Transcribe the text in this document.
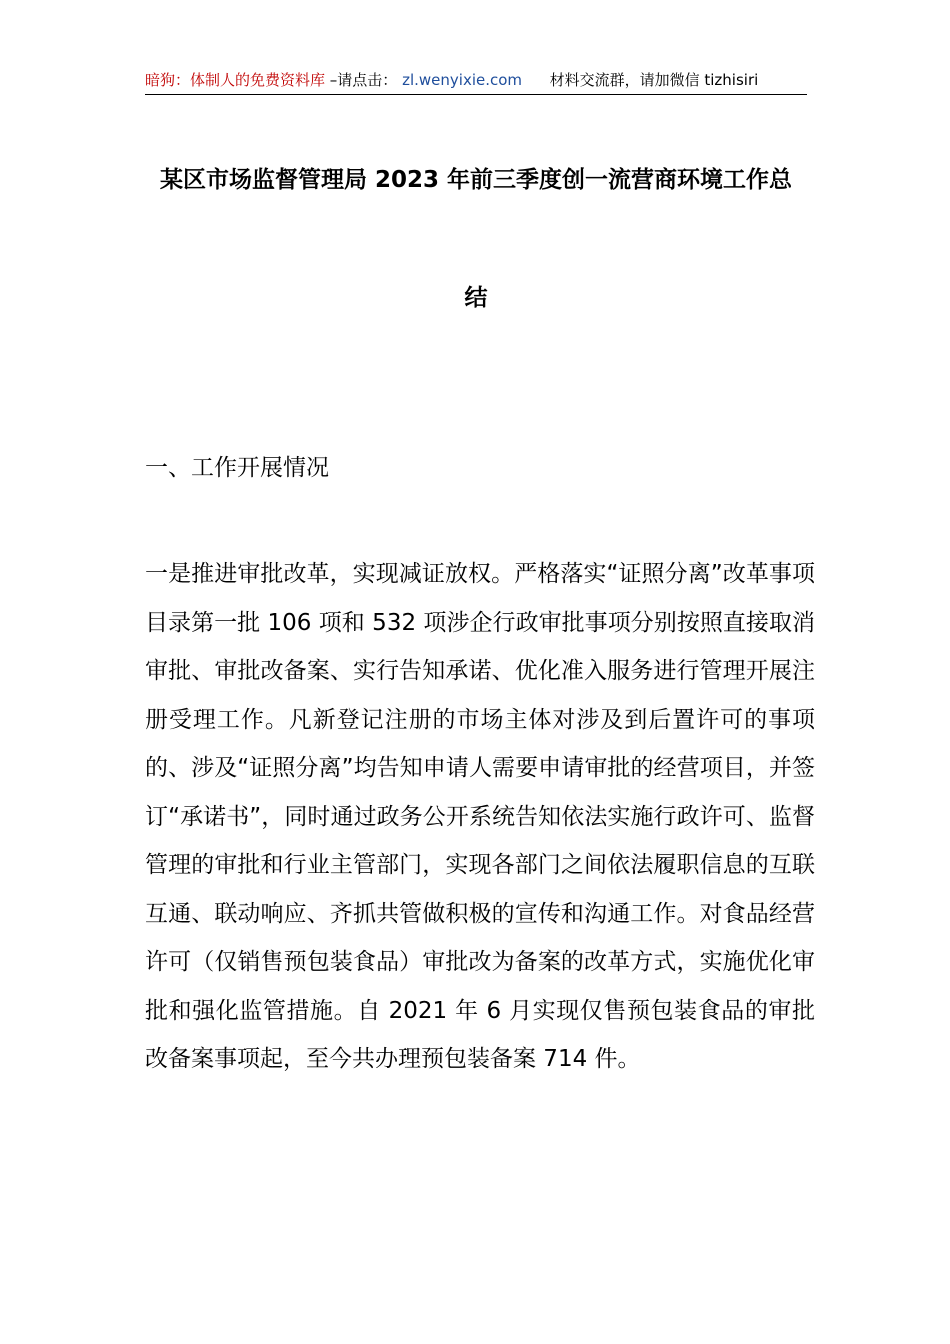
暗狗：体制人的免费资料库 –请点击： zl.wenyixie.com 材料交流群，请加微信 tizhisiri
某区市场监督管理局 2023 年前三季度创一流营商环境工作总
结
一、工作开展情况

一是推进审批改革，实现减证放权。严格落实“证照分离”改革事项目录第一批 106 项和 532 项涉企行政审批事项分别按照直接取消审批、审批改备案、实行告知承诺、优化准入服务进行管理开展注册受理工作。凡新登记注册的市场主体对涉及到后置许可的事项的、涉及“证照分离”均告知申请人需要申请审批的经营项目，并签订“承诺书”，同时通过政务公开系统告知依法实施行政许可、监督管理的审批和行业主管部门，实现各部门之间依法履职信息的互联互通、联动响应、齐抓共管做积极的宣传和沟通工作。对食品经营许可（仅销售预包装食品）审批改为备案的改革方式，实施优化审批和强化监管措施。自 2021 年 6 月实现仅售预包装食品的审批改备案事项起，至今共办理预包装备案 714 件。
